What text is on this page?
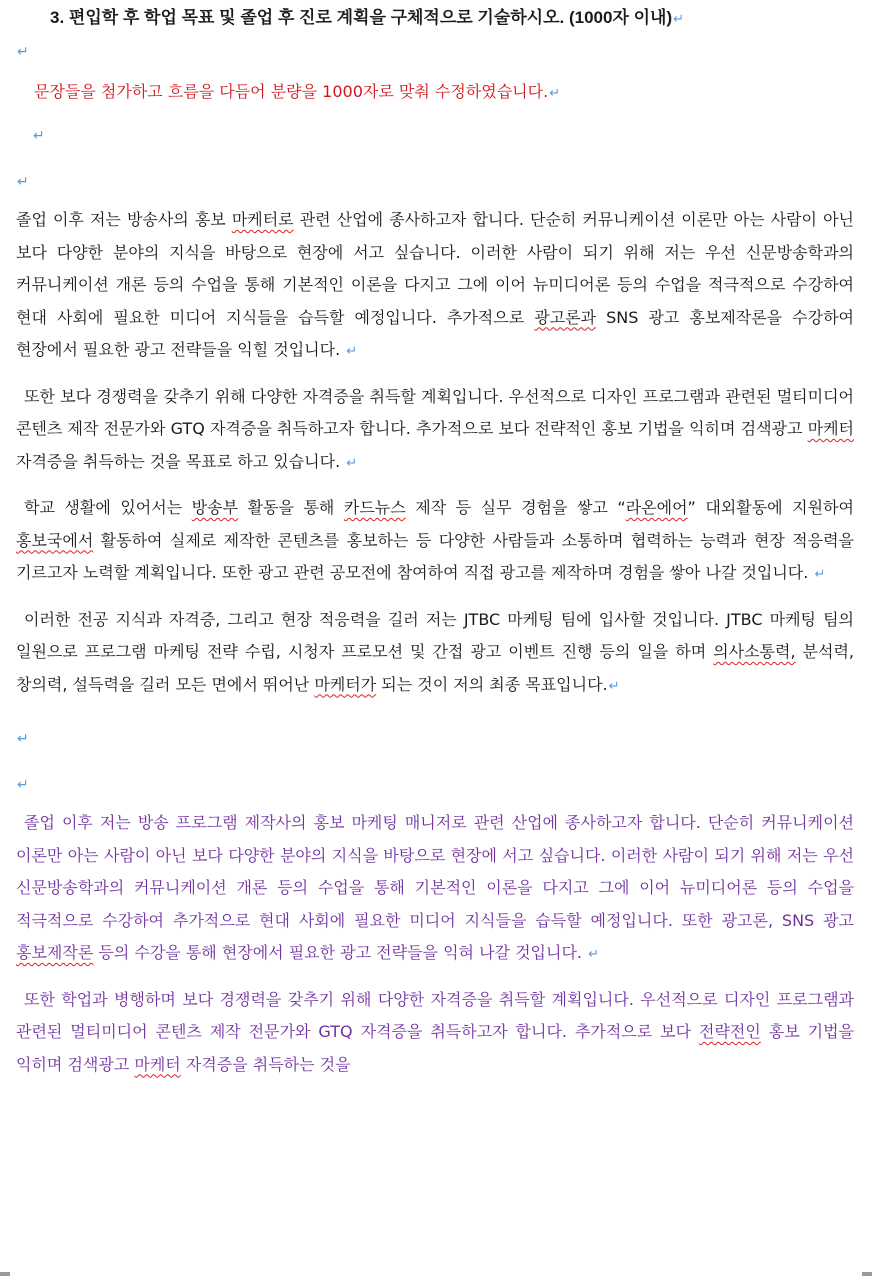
3. 편입학 후 학업 목표 및 졸업 후 진로 계획을 구체적으로 기술하시오. (1000자 이내)↵
↵
문장들을 첨가하고 흐름을 다듬어 분량을 1000자로 맞춰 수정하였습니다.↵
↵
↵

졸업 이후 저는 방송사의 홍보 마케터로 관련 산업에 종사하고자 합니다. 단순히 커뮤니케이션 이론만 아는 사람이 아닌 보다 다양한 분야의 지식을 바탕으로 현장에 서고 싶습니다. 이러한 사람이 되기 위해 저는 우선 신문방송학과의 커뮤니케이션 개론 등의 수업을 통해 기본적인 이론을 다지고 그에 이어 뉴미디어론 등의 수업을 적극적으로 수강하여 현대 사회에 필요한 미디어 지식들을 습득할 예정입니다. 추가적으로 광고론과 SNS 광고 홍보제작론을 수강하여 현장에서 필요한 광고 전략들을 익힐 것입니다. ↵

또한 보다 경쟁력을 갖추기 위해 다양한 자격증을 취득할 계획입니다. 우선적으로 디자인 프로그램과 관련된 멀티미디어 콘텐츠 제작 전문가와 GTQ 자격증을 취득하고자 합니다. 추가적으로 보다 전략적인 홍보 기법을 익히며 검색광고 마케터 자격증을 취득하는 것을 목표로 하고 있습니다. ↵

학교 생활에 있어서는 방송부 활동을 통해 카드뉴스 제작 등 실무 경험을 쌓고 “라온에어” 대외활동에 지원하여 홍보국에서 활동하여 실제로 제작한 콘텐츠를 홍보하는 등 다양한 사람들과 소통하며 협력하는 능력과 현장 적응력을 기르고자 노력할 계획입니다. 또한 광고 관련 공모전에 참여하여 직접 광고를 제작하며 경험을 쌓아 나갈 것입니다. ↵

이러한 전공 지식과 자격증, 그리고 현장 적응력을 길러 저는 JTBC 마케팅 팀에 입사할 것입니다. JTBC 마케팅 팀의 일원으로 프로그램 마케팅 전략 수립, 시청자 프로모션 및 간접 광고 이벤트 진행 등의 일을 하며 의사소통력, 분석력, 창의력, 설득력을 길러 모든 면에서 뛰어난 마케터가 되는 것이 저의 최종 목표입니다.↵

↵
↵

졸업 이후 저는 방송 프로그램 제작사의 홍보 마케팅 매니저로 관련 산업에 종사하고자 합니다. 단순히 커뮤니케이션 이론만 아는 사람이 아닌 보다 다양한 분야의 지식을 바탕으로 현장에 서고 싶습니다. 이러한 사람이 되기 위해 저는 우선 신문방송학과의 커뮤니케이션 개론 등의 수업을 통해 기본적인 이론을 다지고 그에 이어 뉴미디어론 등의 수업을 적극적으로 수강하여 추가적으로 현대 사회에 필요한 미디어 지식들을 습득할 예정입니다. 또한 광고론, SNS 광고 홍보제작론 등의 수강을 통해 현장에서 필요한 광고 전략들을 익혀 나갈 것입니다. ↵

또한 학업과 병행하며 보다 경쟁력을 갖추기 위해 다양한 자격증을 취득할 계획입니다. 우선적으로 디자인 프로그램과 관련된 멀티미디어 콘텐츠 제작 전문가와 GTQ 자격증을 취득하고자 합니다. 추가적으로 보다 전략전인 홍보 기법을 익히며 검색광고 마케터 자격증을 취득하는 것을
